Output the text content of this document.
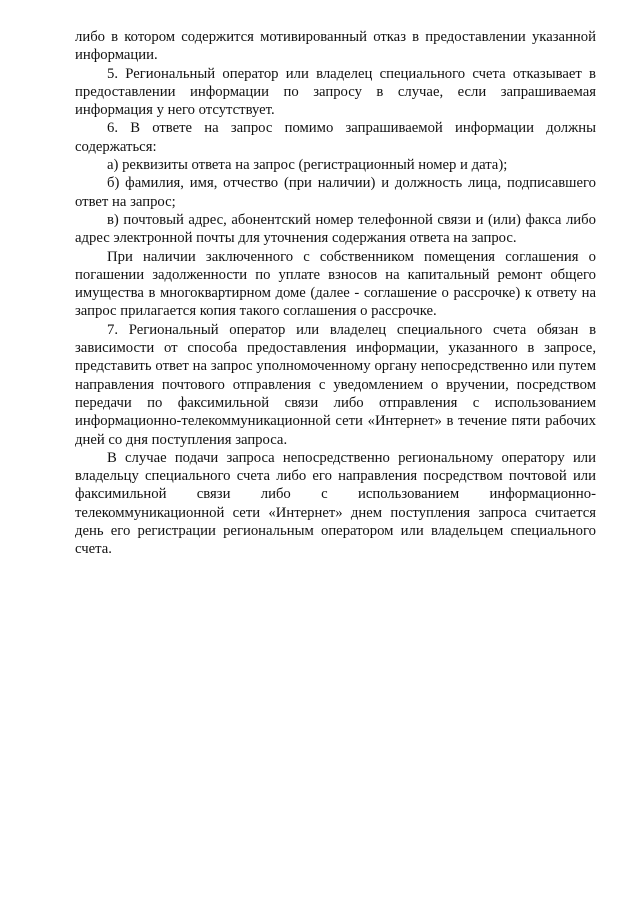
либо в котором содержится мотивированный отказ в предоставлении указанной информации.

5. Региональный оператор или владелец специального счета отказывает в предоставлении информации по запросу в случае, если запрашиваемая информация у него отсутствует.

6. В ответе на запрос помимо запрашиваемой информации должны содержаться:

а) реквизиты ответа на запрос (регистрационный номер и дата);

б) фамилия, имя, отчество (при наличии) и должность лица, подписавшего ответ на запрос;

в) почтовый адрес, абонентский номер телефонной связи и (или) факса либо адрес электронной почты для уточнения содержания ответа на запрос.

При наличии заключенного с собственником помещения соглашения о погашении задолженности по уплате взносов на капитальный ремонт общего имущества в многоквартирном доме (далее - соглашение о рассрочке) к ответу на запрос прилагается копия такого соглашения о рассрочке.

7. Региональный оператор или владелец специального счета обязан в зависимости от способа предоставления информации, указанного в запросе, представить ответ на запрос уполномоченному органу непосредственно или путем направления почтового отправления с уведомлением о вручении, посредством передачи по факсимильной связи либо отправления с использованием информационно-телекоммуникационной сети «Интернет» в течение пяти рабочих дней со дня поступления запроса.

В случае подачи запроса непосредственно региональному оператору или владельцу специального счета либо его направления посредством почтовой или факсимильной связи либо с использованием информационно-телекоммуникационной сети «Интернет» днем поступления запроса считается день его регистрации региональным оператором или владельцем специального счета.
